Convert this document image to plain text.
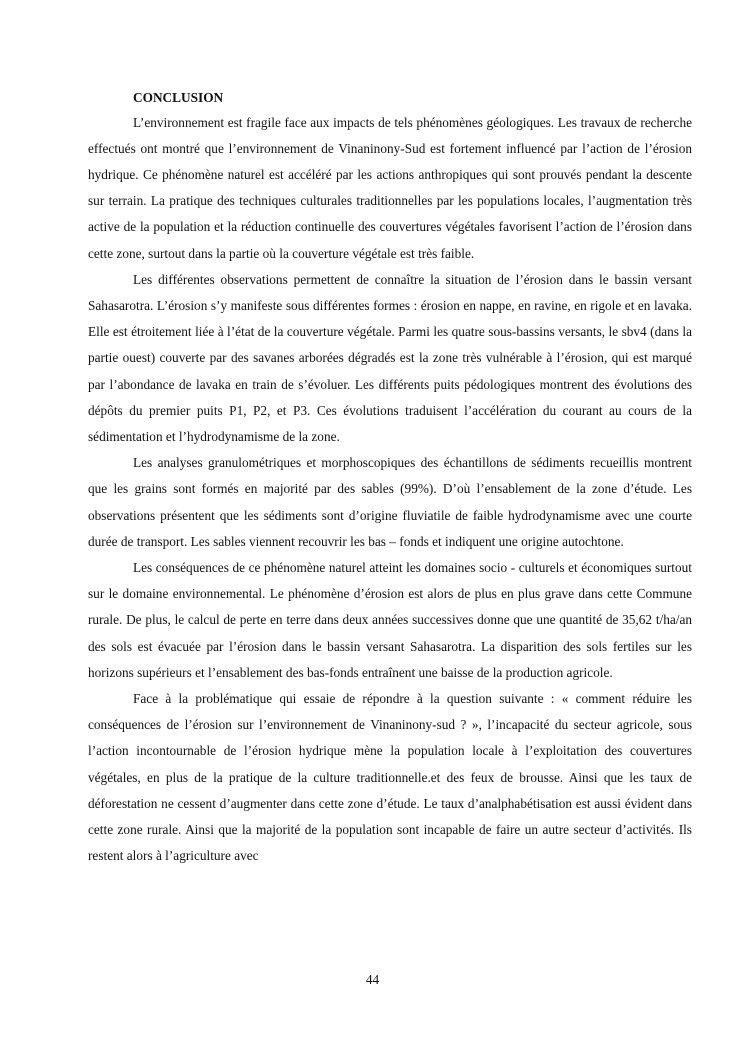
CONCLUSION

L’environnement est fragile face aux impacts de tels phénomènes géologiques. Les travaux de recherche effectués ont montré que l’environnement de Vinaninony-Sud est fortement influencé par l’action de l’érosion hydrique. Ce phénomène naturel est accéléré par les actions anthropiques qui sont prouvés pendant la descente sur terrain. La pratique des techniques culturales traditionnelles par les populations locales, l’augmentation très active de la population et la réduction continuelle des couvertures végétales favorisent l’action de l’érosion dans cette zone, surtout dans la partie où la couverture végétale est très faible.

Les différentes observations permettent de connaître la situation de l’érosion dans le bassin versant Sahasarotra. L’érosion s’y manifeste sous différentes formes : érosion en nappe, en ravine, en rigole et en lavaka. Elle est étroitement liée à l’état de la couverture végétale. Parmi les quatre sous-bassins versants, le sbv4 (dans la partie ouest) couverte par des savanes arborées dégradés est la zone très vulnérable à l’érosion, qui est marqué par l’abondance de lavaka en train de s’évoluer. Les différents puits pédologiques montrent des évolutions des dépôts du premier puits P1, P2, et P3. Ces évolutions traduisent l’accélération du courant au cours de la sédimentation et l’hydrodynamisme de la zone.

Les analyses granulométriques et morphoscopiques des échantillons de sédiments recueillis montrent que les grains sont formés en majorité par des sables (99%). D’où l’ensablement de la zone d’étude. Les observations présentent que les sédiments sont d’origine fluviatile de faible hydrodynamisme avec une courte durée de transport. Les sables viennent recouvrir les bas – fonds et indiquent une origine autochtone.

Les conséquences de ce phénomène naturel atteint les domaines socio - culturels et économiques surtout sur le domaine environnemental. Le phénomène d’érosion est alors de plus en plus grave dans cette Commune rurale. De plus, le calcul de perte en terre dans deux années successives donne que une quantité de 35,62 t/ha/an des sols est évacuée par l’érosion dans le bassin versant Sahasarotra. La disparition des sols fertiles sur les horizons supérieurs et l’ensablement des bas-fonds entraînent une baisse de la production agricole.

Face à la problématique qui essaie de répondre à la question suivante : « comment réduire les conséquences de l’érosion sur l’environnement de Vinaninony-sud ? », l’incapacité du secteur agricole, sous l’action incontournable de l’érosion hydrique mène la population locale à l’exploitation des couvertures végétales, en plus de la pratique de la culture traditionnelle.et des feux de brousse. Ainsi que les taux de déforestation ne cessent d’augmenter dans cette zone d’étude. Le taux d’analphabétisation est aussi évident dans cette zone rurale. Ainsi que la majorité de la population sont incapable de faire un autre secteur d’activités. Ils restent alors à l’agriculture avec

44
